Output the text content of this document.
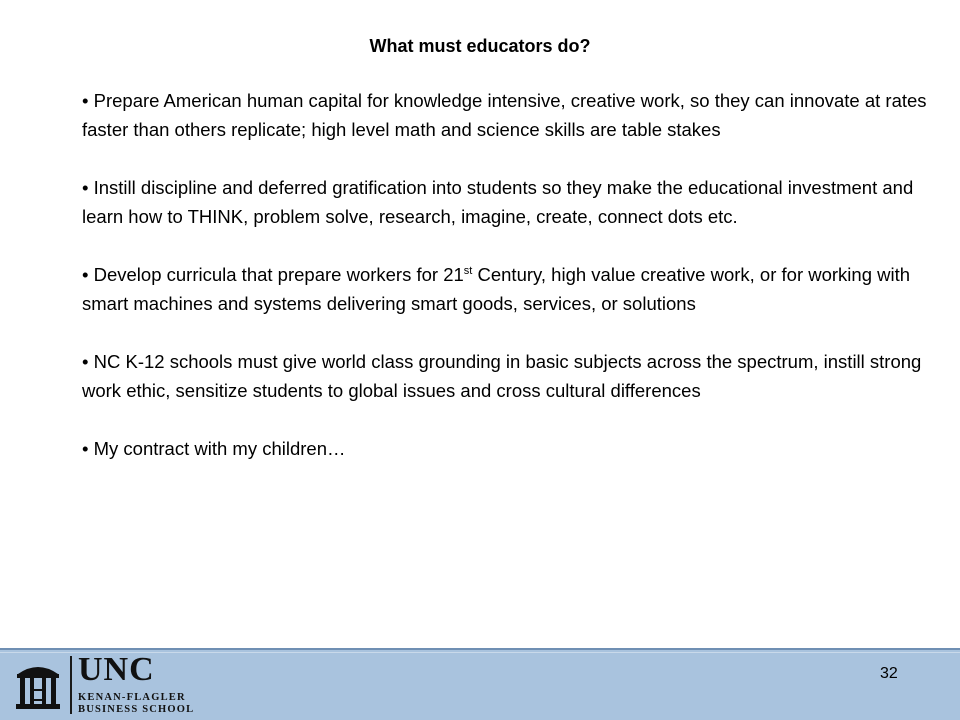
What must educators do?
• Prepare American human capital for knowledge intensive, creative work, so they can innovate at rates faster than others replicate; high level math and science skills are table stakes
• Instill discipline and deferred gratification into students so they make the educational investment and learn how to THINK, problem solve, research, imagine, create, connect dots etc.
• Develop curricula that prepare workers for 21st Century, high value creative work, or for working with smart machines and systems delivering smart goods, services, or solutions
• NC K-12 schools must give world class grounding in basic subjects across the spectrum, instill strong work ethic, sensitize students to global issues and cross cultural differences
• My contract with my children…
UNC
KENAN-FLAGLER
BUSINESS SCHOOL
32
